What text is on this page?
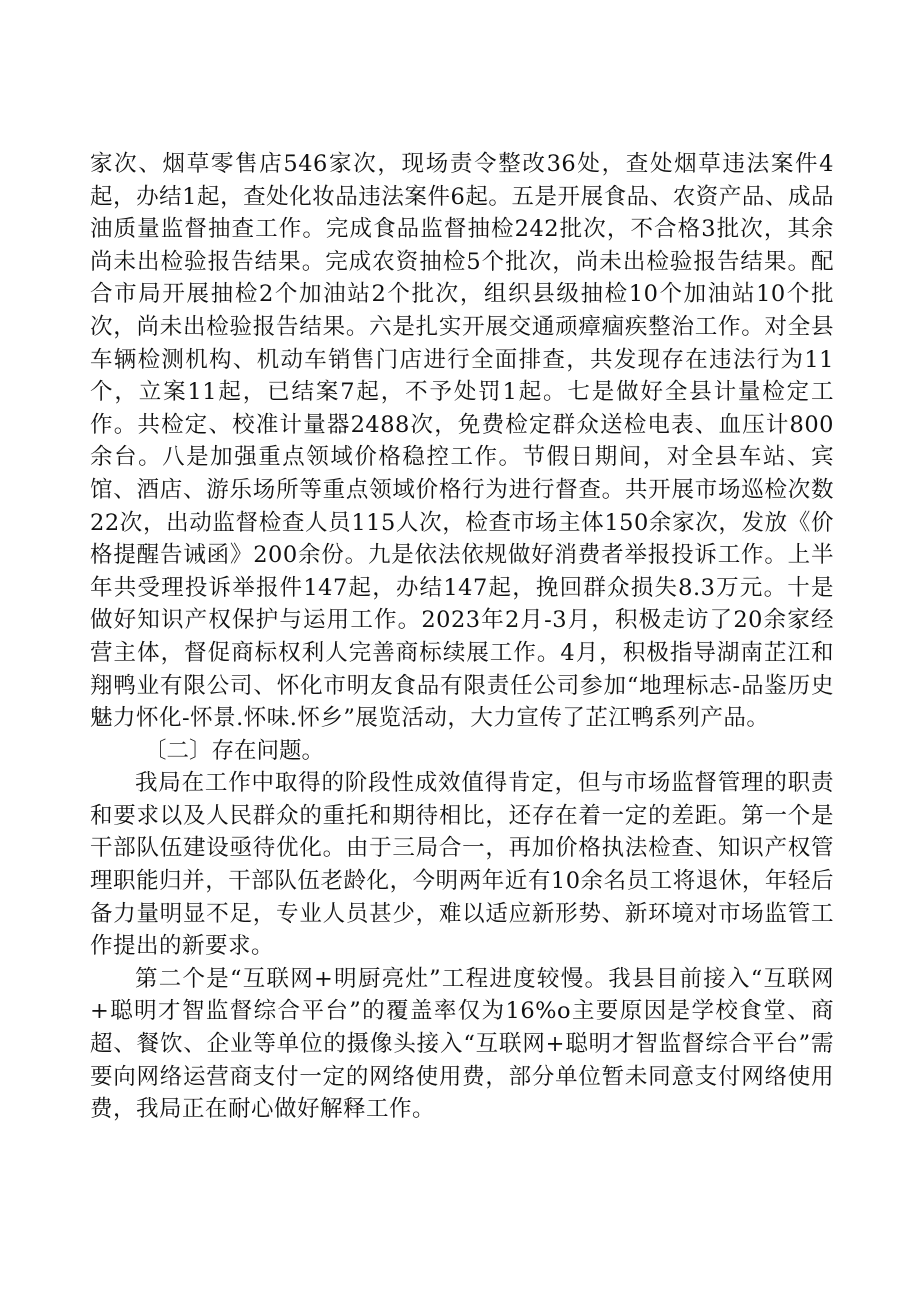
家次、烟草零售店546家次，现场责令整改36处，查处烟草违法案件4起，办结1起，查处化妆品违法案件6起。五是开展食品、农资产品、成品油质量监督抽查工作。完成食品监督抽检242批次，不合格3批次，其余尚未出检验报告结果。完成农资抽检5个批次，尚未出检验报告结果。配合市局开展抽检2个加油站2个批次，组织县级抽检10个加油站10个批次，尚未出检验报告结果。六是扎实开展交通顽瘴痼疾整治工作。对全县车辆检测机构、机动车销售门店进行全面排查，共发现存在违法行为11个，立案11起，已结案7起，不予处罚1起。七是做好全县计量检定工作。共检定、校准计量器2488次，免费检定群众送检电表、血压计800余台。八是加强重点领域价格稳控工作。节假日期间，对全县车站、宾馆、酒店、游乐场所等重点领域价格行为进行督查。共开展市场巡检次数22次，出动监督检查人员115人次，检查市场主体150余家次，发放《价格提醒告诫函》200余份。九是依法依规做好消费者举报投诉工作。上半年共受理投诉举报件147起，办结147起，挽回群众损失8.3万元。十是做好知识产权保护与运用工作。2023年2月-3月，积极走访了20余家经营主体，督促商标权利人完善商标续展工作。4月，积极指导湖南芷江和翔鸭业有限公司、怀化市明友食品有限责任公司参加“地理标志-品鉴历史魅力怀化-怀景.怀味.怀乡”展览活动，大力宣传了芷江鸭系列产品。

〔二〕存在问题。

我局在工作中取得的阶段性成效值得肯定，但与市场监督管理的职责和要求以及人民群众的重托和期待相比，还存在着一定的差距。第一个是干部队伍建设亟待优化。由于三局合一，再加价格执法检查、知识产权管理职能归并，干部队伍老龄化，今明两年近有10余名员工将退休，年轻后备力量明显不足，专业人员甚少，难以适应新形势、新环境对市场监管工作提出的新要求。

第二个是“互联网+明厨亮灶”工程进度较慢。我县目前接入“互联网+聪明才智监督综合平台”的覆盖率仅为16%o主要原因是学校食堂、商超、餐饮、企业等单位的摄像头接入“互联网+聪明才智监督综合平台”需要向网络运营商支付一定的网络使用费，部分单位暂未同意支付网络使用费，我局正在耐心做好解释工作。
